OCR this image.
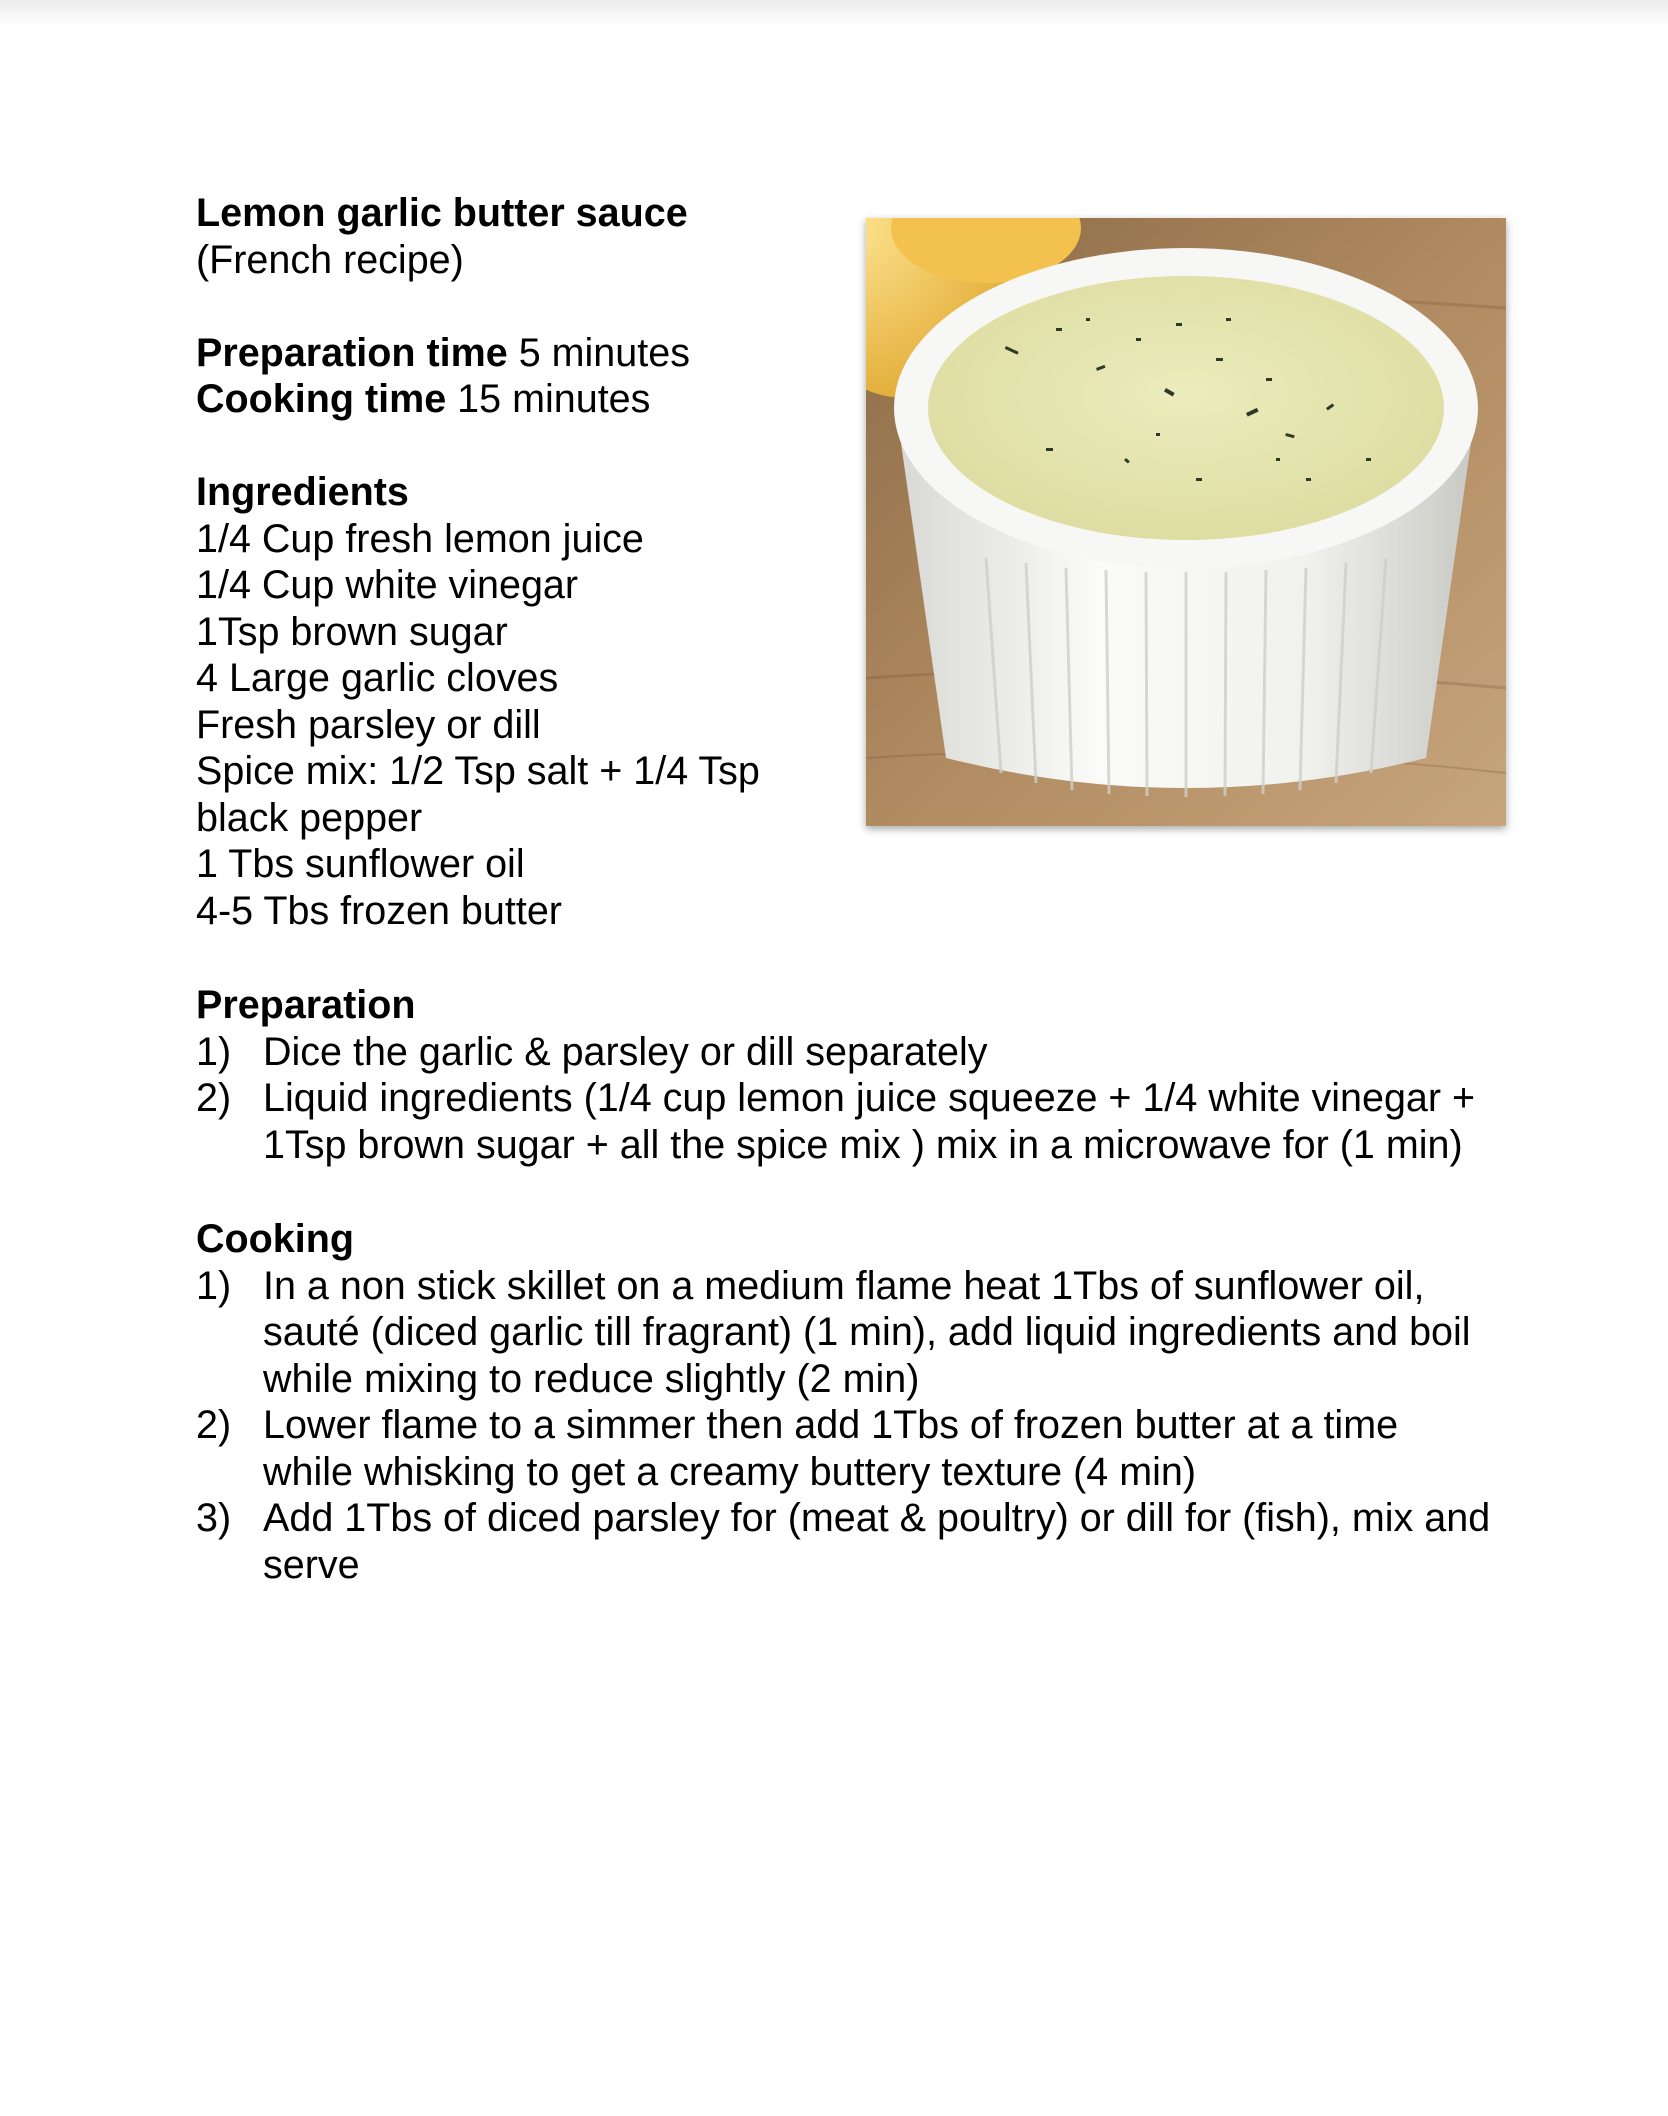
Lemon garlic butter sauce
(French recipe)
Preparation time 5 minutes
Cooking time 15 minutes
Ingredients
1/4 Cup fresh lemon juice
1/4 Cup white vinegar
1Tsp brown sugar
4 Large garlic cloves
Fresh parsley or dill
Spice mix: 1/2 Tsp salt + 1/4 Tsp black pepper
1 Tbs sunflower oil
4-5 Tbs frozen butter
Preparation
1) Dice the garlic & parsley or dill separately
2) Liquid ingredients (1/4 cup lemon juice squeeze + 1/4 white vinegar + 1Tsp brown sugar + all the spice mix ) mix in a microwave for (1 min)
Cooking
1) In a non stick skillet on a medium flame heat 1Tbs of sunflower oil, sauté (diced garlic till fragrant) (1 min), add liquid ingredients and boil while mixing to reduce slightly (2 min)
2) Lower flame to a simmer then add 1Tbs of frozen butter at a time while whisking to get a creamy buttery texture (4 min)
3) Add 1Tbs of diced parsley for (meat & poultry) or dill for (fish), mix and serve
